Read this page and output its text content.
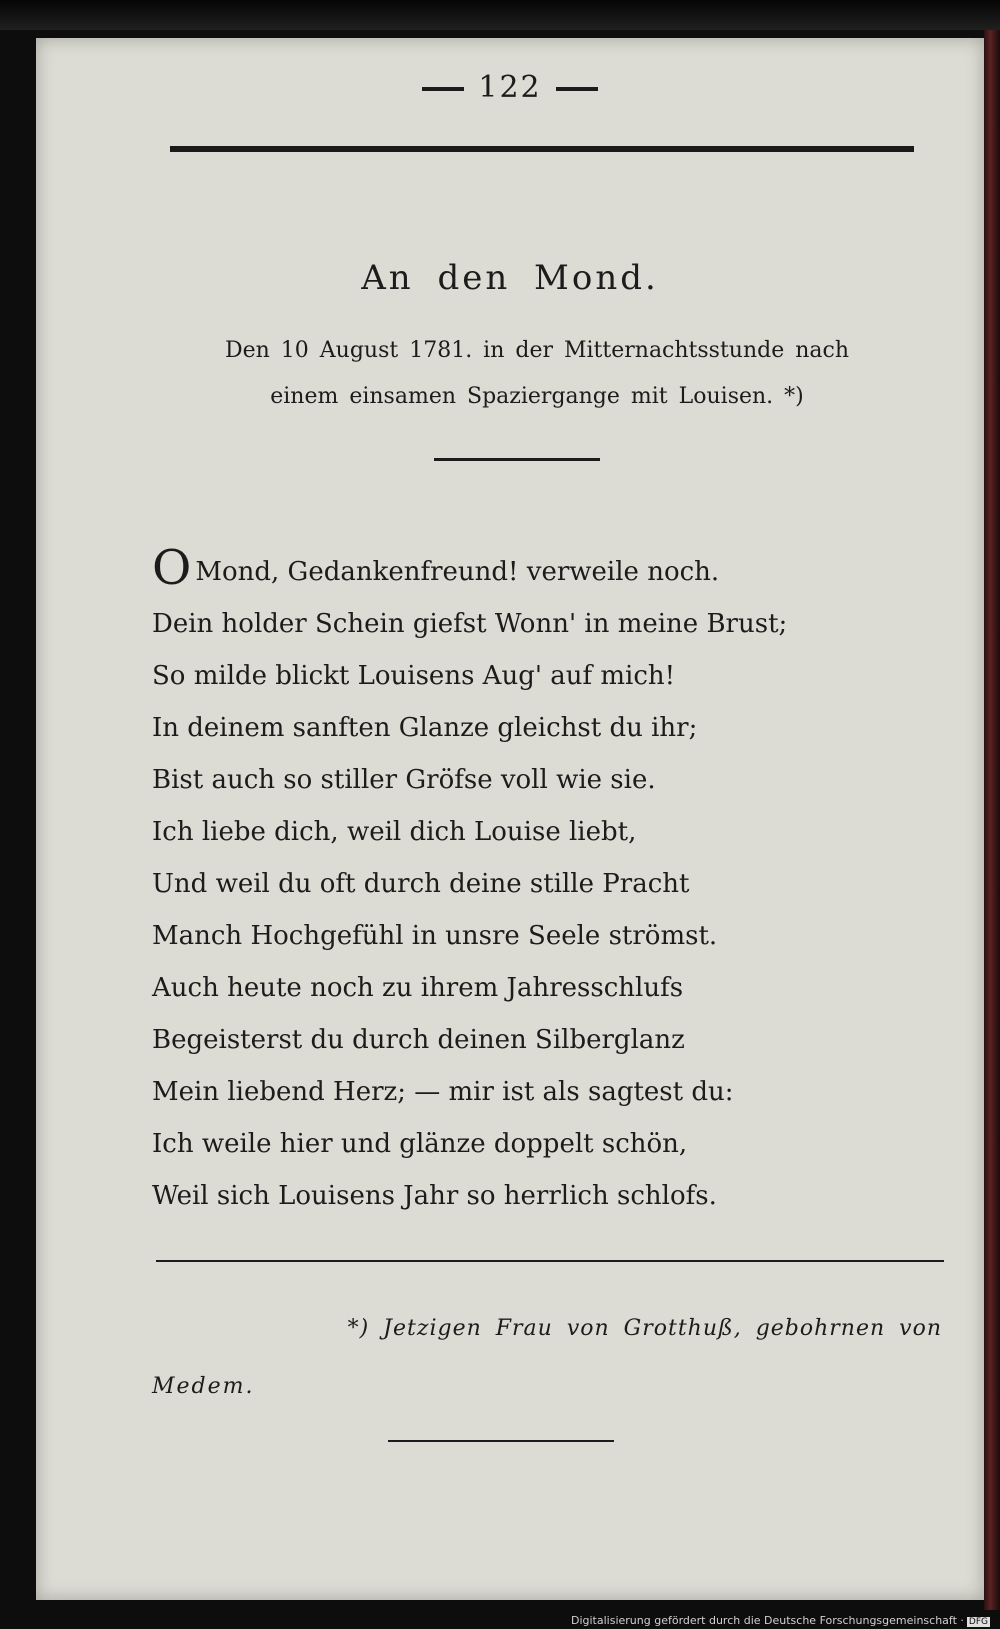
122
An den Mond.
Den 10 August 1781. in der Mitternachtsstunde nach
einem einsamen Spaziergange mit Louisen. *)
O Mond, Gedankenfreund! verweile noch.
Dein holder Schein giefst Wonn' in meine Brust;
So milde blickt Louisens Aug' auf mich!
In deinem sanften Glanze gleichst du ihr;
Bist auch so stiller Gröfse voll wie sie.
Ich liebe dich, weil dich Louise liebt,
Und weil du oft durch deine stille Pracht
Manch Hochgefühl in unsre Seele strömst.
Auch heute noch zu ihrem Jahresschlufs
Begeisterst du durch deinen Silberglanz
Mein liebend Herz; — mir ist als sagtest du:
Ich weile hier und glänze doppelt schön,
Weil sich Louisens Jahr so herrlich schlofs.
*) Jetzigen Frau von Grotthuß, gebohrnen von
Medem.
Digitalisierung gefördert durch die Deutsche Forschungsgemeinschaft · DFG
